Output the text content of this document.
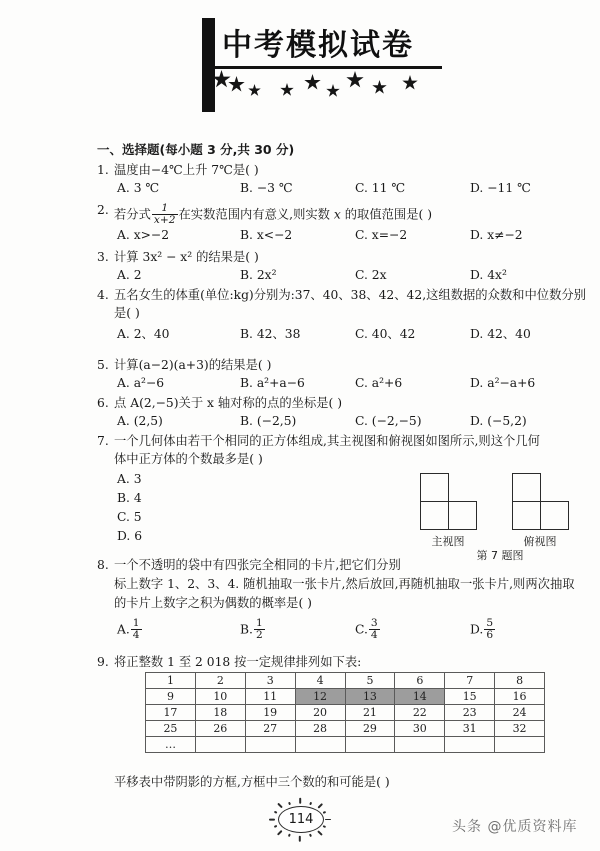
中考模拟试卷
一、选择题(每小题 3 分,共 30 分)
1. 温度由−4℃上升 7℃是( )
A. 3 ℃	B. −3 ℃	C. 11 ℃	D. −11 ℃
2. 若分式 $\frac{1}{x+2}$ 在实数范围内有意义,则实数 x 的取值范围是( )
A. x>−2	B. x<−2	C. x=−2	D. x≠−2
3. 计算 3x² − x² 的结果是( )
A. 2	B. 2x²	C. 2x	D. 4x²
4. 五名女生的体重(单位:kg)分别为:37、40、38、42、42,这组数据的众数和中位数分别
是( )
A. 2、40	B. 42、38	C. 40、42	D. 42、40
5. 计算(a−2)(a+3)的结果是( )
A. a²−6	B. a²+a−6	C. a²+6	D. a²−a+6
6. 点 A(2,−5)关于 x 轴对称的点的坐标是( )
A. (2,5)	B. (−2,5)	C. (−2,−5)	D. (−5,2)
7. 一个几何体由若干个相同的正方体组成,其主视图和俯视图如图所示,则这个几何
体中正方体的个数最多是( )
A. 3
B. 4
C. 5
D. 6	主视图	俯视图
第 7 题图
8. 一个不透明的袋中有四张完全相同的卡片,把它们分别
标上数字 1、2、3、4. 随机抽取一张卡片,然后放回,再随机抽取一张卡片,则两次抽取
的卡片上数字之积为偶数的概率是( )
A. $\frac{1}{4}$	B. $\frac{1}{2}$	C. $\frac{3}{4}$	D. $\frac{5}{6}$
9. 将正整数 1 至 2 018 按一定规律排列如下表:
1	2	3	4	5	6	7	8
9	10	11	12	13	14	15	16
17	18	19	20	21	22	23	24
25	26	27	28	29	30	31	32
…							
平移表中带阴影的方框,方框中三个数的和可能是( )
114	头条 @优质资料库
